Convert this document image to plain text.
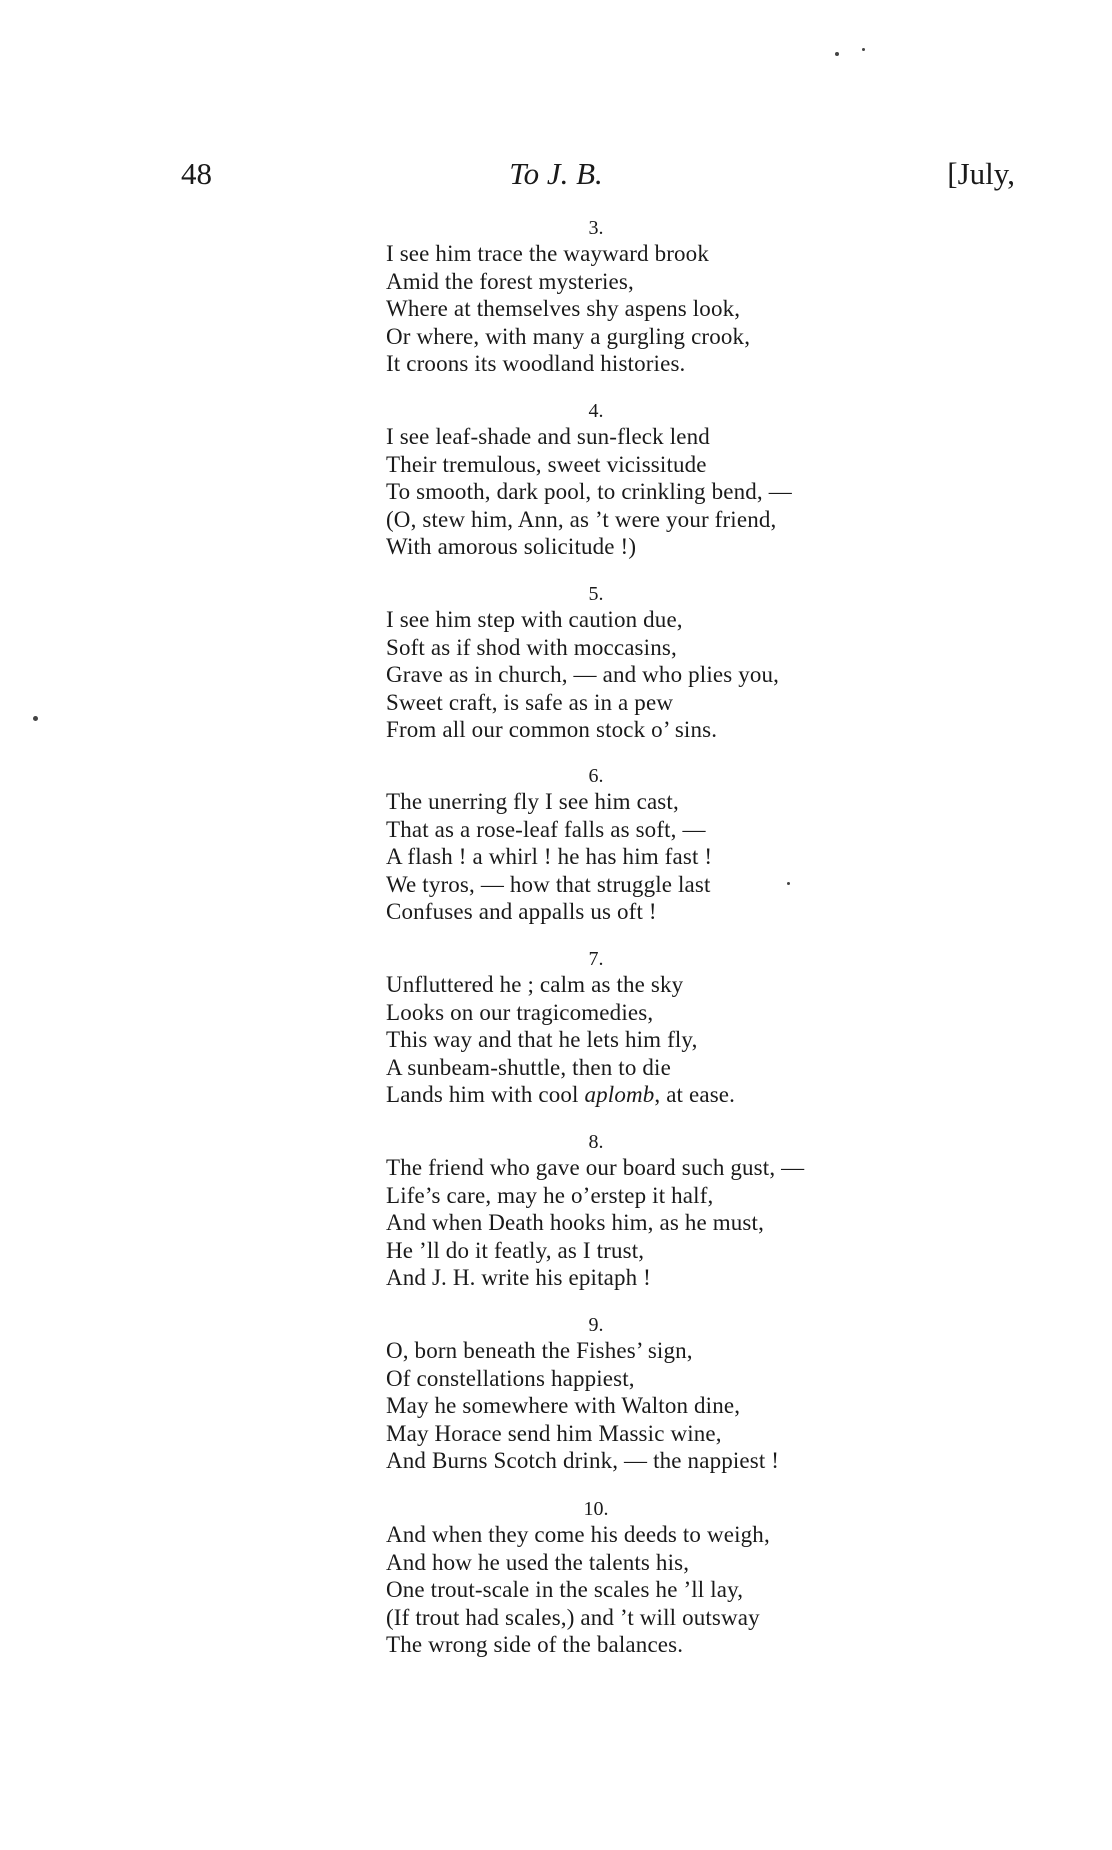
48	To J. B.	[July,
3.
I see him trace the wayward brook
Amid the forest mysteries,
Where at themselves shy aspens look,
Or where, with many a gurgling crook,
It croons its woodland histories.
4.
I see leaf-shade and sun-fleck lend
Their tremulous, sweet vicissitude
To smooth, dark pool, to crinkling bend, —
(O, stew him, Ann, as ’t were your friend,
With amorous solicitude !)
5.
I see him step with caution due,
Soft as if shod with moccasins,
Grave as in church, — and who plies you,
Sweet craft, is safe as in a pew
From all our common stock o’ sins.
6.
The unerring fly I see him cast,
That as a rose-leaf falls as soft, —
A flash ! a whirl ! he has him fast !
We tyros, — how that struggle last
Confuses and appalls us oft !
7.
Unfluttered he ; calm as the sky
Looks on our tragicomedies,
This way and that he lets him fly,
A sunbeam-shuttle, then to die
Lands him with cool aplomb, at ease.
8.
The friend who gave our board such gust, —
Life’s care, may he o’erstep it half,
And when Death hooks him, as he must,
He ’ll do it featly, as I trust,
And J. H. write his epitaph !
9.
O, born beneath the Fishes’ sign,
Of constellations happiest,
May he somewhere with Walton dine,
May Horace send him Massic wine,
And Burns Scotch drink, — the nappiest !
10.
And when they come his deeds to weigh,
And how he used the talents his,
One trout-scale in the scales he ’ll lay,
(If trout had scales,) and ’t will outsway
The wrong side of the balances.
